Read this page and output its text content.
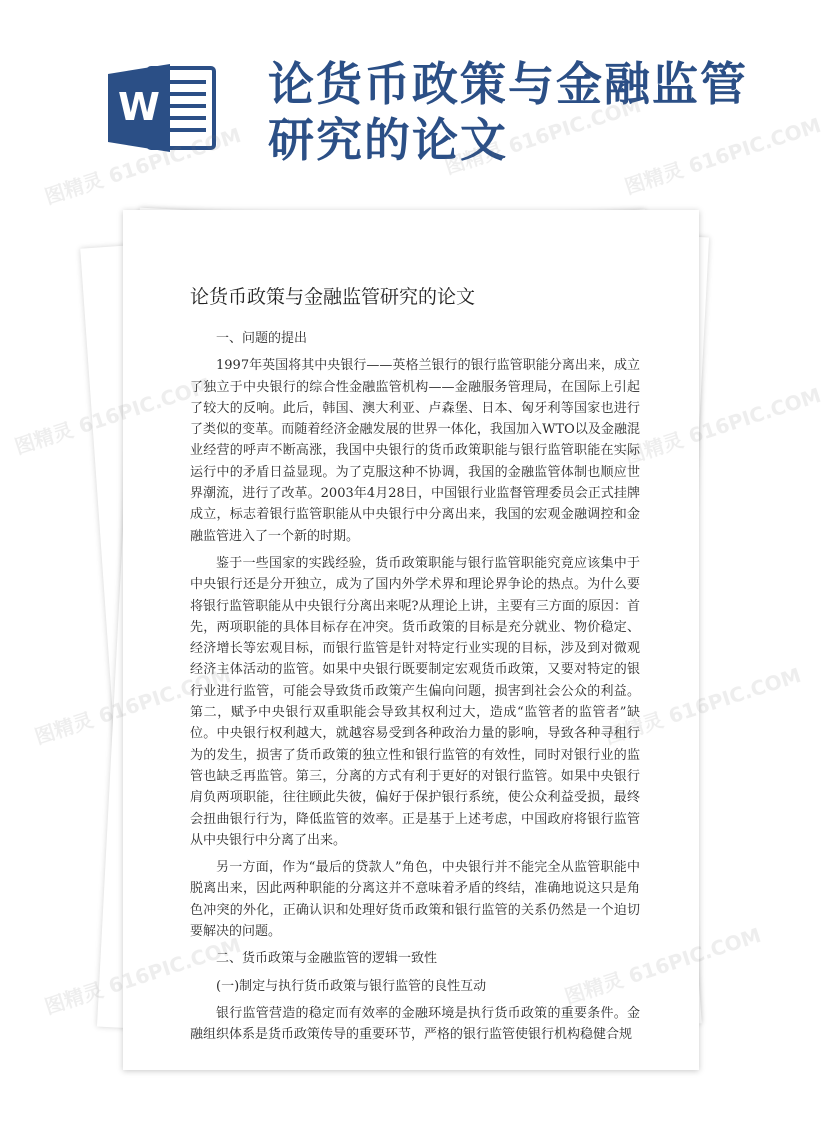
W 论货币政策与金融监管研究的论文
论货币政策与金融监管研究的论文

一、问题的提出

1997年英国将其中央银行——英格兰银行的银行监管职能分离出来，成立了独立于中央银行的综合性金融监管机构——金融服务管理局，在国际上引起了较大的反响。此后，韩国、澳大利亚、卢森堡、日本、匈牙利等国家也进行了类似的变革。而随着经济金融发展的世界一体化，我国加入WTO以及金融混业经营的呼声不断高涨，我国中央银行的货币政策职能与银行监管职能在实际运行中的矛盾日益显现。为了克服这种不协调，我国的金融监管体制也顺应世界潮流，进行了改革。2003年4月28日，中国银行业监督管理委员会正式挂牌成立，标志着银行监管职能从中央银行中分离出来，我国的宏观金融调控和金融监管进入了一个新的时期。

鉴于一些国家的实践经验，货币政策职能与银行监管职能究竟应该集中于中央银行还是分开独立，成为了国内外学术界和理论界争论的热点。为什么要将银行监管职能从中央银行分离出来呢?从理论上讲，主要有三方面的原因：首先，两项职能的具体目标存在冲突。货币政策的目标是充分就业、物价稳定、经济增长等宏观目标，而银行监管是针对特定行业实现的目标，涉及到对微观经济主体活动的监管。如果中央银行既要制定宏观货币政策，又要对特定的银行业进行监管，可能会导致货币政策产生偏向问题，损害到社会公众的利益。第二，赋予中央银行双重职能会导致其权利过大，造成“监管者的监管者”缺位。中央银行权利越大，就越容易受到各种政治力量的影响，导致各种寻租行为的发生，损害了货币政策的独立性和银行监管的有效性，同时对银行业的监管也缺乏再监管。第三，分离的方式有利于更好的对银行监管。如果中央银行肩负两项职能，往往顾此失彼，偏好于保护银行系统，使公众利益受损，最终会扭曲银行行为，降低监管的效率。正是基于上述考虑，中国政府将银行监管从中央银行中分离了出来。

另一方面，作为“最后的贷款人”角色，中央银行并不能完全从监管职能中脱离出来，因此两种职能的分离这并不意味着矛盾的终结，准确地说这只是角色冲突的外化，正确认识和处理好货币政策和银行监管的关系仍然是一个迫切要解决的问题。

二、货币政策与金融监管的逻辑一致性

(一)制定与执行货币政策与银行监管的良性互动

银行监管营造的稳定而有效率的金融环境是执行货币政策的重要条件。金融组织体系是货币政策传导的重要环节，严格的银行监管使银行机构稳健合规

图精灵 616PIC.COM	图精灵 616PIC.COM
图精灵 616PIC.COM
图精灵	图精灵 616PIC.COM
图精灵	图精灵 616PIC.COM
图精灵
